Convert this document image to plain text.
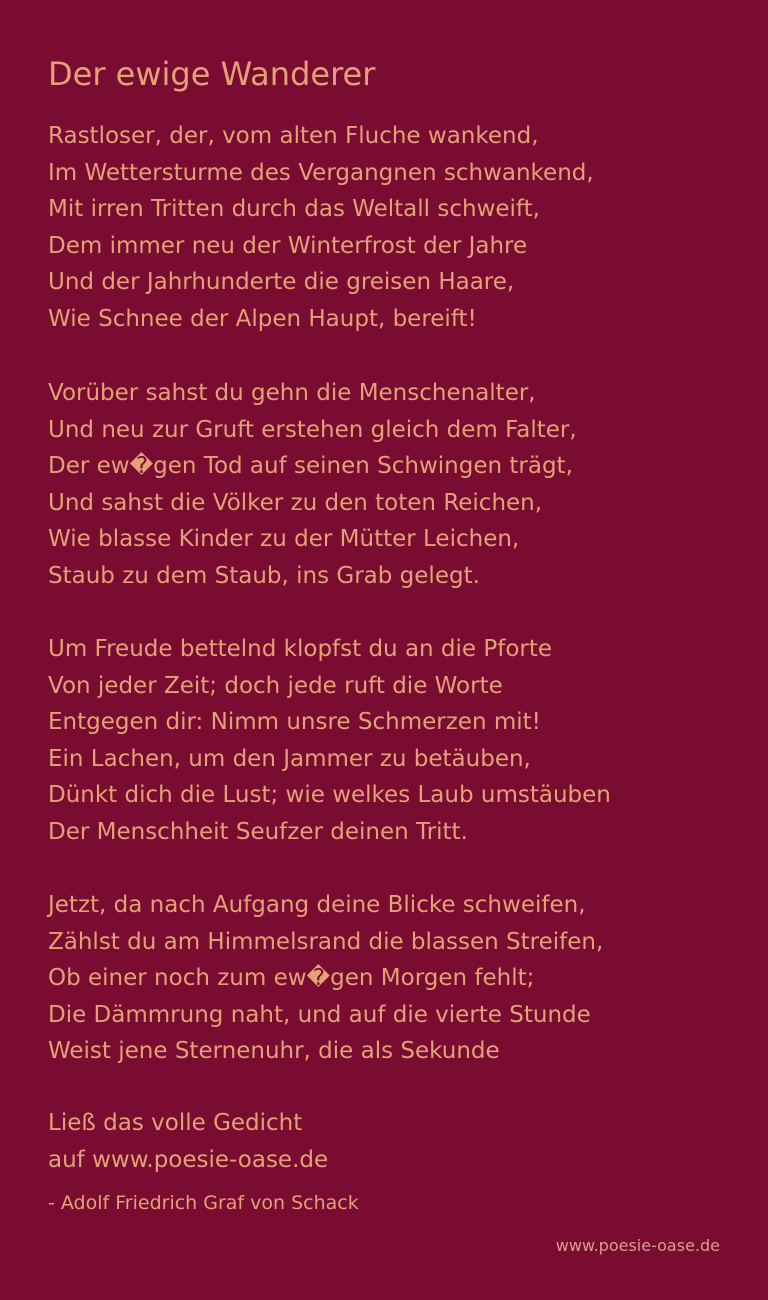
Der ewige Wanderer
Rastloser, der, vom alten Fluche wankend,
Im Wettersturme des Vergangnen schwankend,
Mit irren Tritten durch das Weltall schweift,
Dem immer neu der Winterfrost der Jahre
Und der Jahrhunderte die greisen Haare,
Wie Schnee der Alpen Haupt, bereift!
Vorüber sahst du gehn die Menschenalter,
Und neu zur Gruft erstehen gleich dem Falter,
Der ew�gen Tod auf seinen Schwingen trägt,
Und sahst die Völker zu den toten Reichen,
Wie blasse Kinder zu der Mütter Leichen,
Staub zu dem Staub, ins Grab gelegt.
Um Freude bettelnd klopfst du an die Pforte
Von jeder Zeit; doch jede ruft die Worte
Entgegen dir: Nimm unsre Schmerzen mit!
Ein Lachen, um den Jammer zu betäuben,
Dünkt dich die Lust; wie welkes Laub umstäuben
Der Menschheit Seufzer deinen Tritt.
Jetzt, da nach Aufgang deine Blicke schweifen,
Zählst du am Himmelsrand die blassen Streifen,
Ob einer noch zum ew�gen Morgen fehlt;
Die Dämmrung naht, und auf die vierte Stunde
Weist jene Sternenuhr, die als Sekunde
Ließ das volle Gedicht
auf www.poesie-oase.de
- Adolf Friedrich Graf von Schack
www.poesie-oase.de
